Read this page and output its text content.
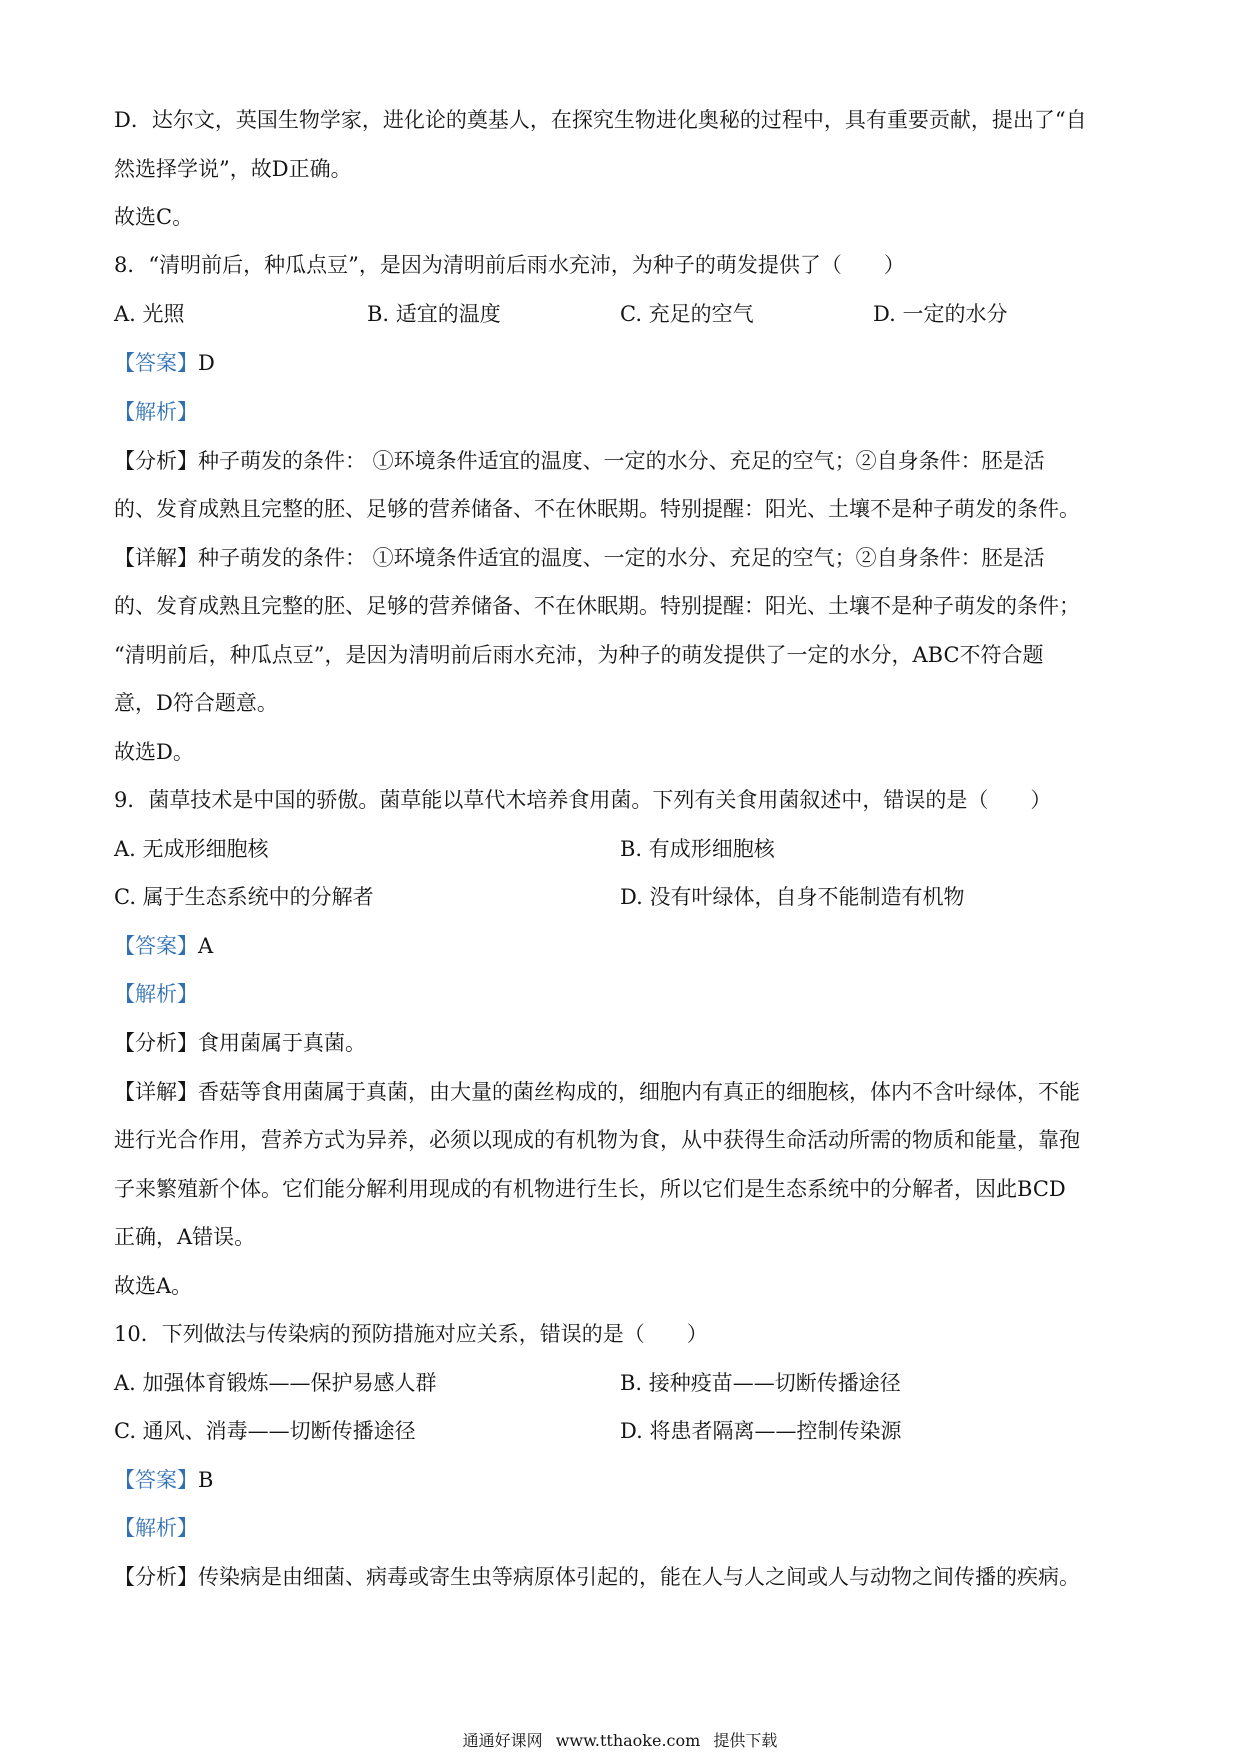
D．达尔文，英国生物学家，进化论的奠基人，在探究生物进化奥秘的过程中，具有重要贡献，提出了“自
然选择学说”，故D正确。
故选C。
8．“清明前后，种瓜点豆”，是因为清明前后雨水充沛，为种子的萌发提供了（　　）
A. 光照	B. 适宜的温度	C. 充足的空气	D. 一定的水分
【答案】D
【解析】
【分析】种子萌发的条件： ①环境条件适宜的温度、一定的水分、充足的空气；②自身条件：胚是活
的、发育成熟且完整的胚、足够的营养储备、不在休眠期。特别提醒：阳光、土壤不是种子萌发的条件。
【详解】种子萌发的条件： ①环境条件适宜的温度、一定的水分、充足的空气；②自身条件：胚是活
的、发育成熟且完整的胚、足够的营养储备、不在休眠期。特别提醒：阳光、土壤不是种子萌发的条件；
“清明前后，种瓜点豆”，是因为清明前后雨水充沛，为种子的萌发提供了一定的水分，ABC不符合题
意，D符合题意。
故选D。
9．菌草技术是中国的骄傲。菌草能以草代木培养食用菌。下列有关食用菌叙述中，错误的是（　　）
A. 无成形细胞核	B. 有成形细胞核
C. 属于生态系统中的分解者	D. 没有叶绿体，自身不能制造有机物
【答案】A
【解析】
【分析】食用菌属于真菌。
【详解】香菇等食用菌属于真菌，由大量的菌丝构成的，细胞内有真正的细胞核，体内不含叶绿体，不能
进行光合作用，营养方式为异养，必须以现成的有机物为食，从中获得生命活动所需的物质和能量，靠孢
子来繁殖新个体。它们能分解利用现成的有机物进行生长，所以它们是生态系统中的分解者，因此BCD
正确，A错误。
故选A。
10．下列做法与传染病的预防措施对应关系，错误的是（　　）
A. 加强体育锻炼——保护易感人群	B. 接种疫苗——切断传播途径
C. 通风、消毒——切断传播途径	D. 将患者隔离——控制传染源
【答案】B
【解析】
【分析】传染病是由细菌、病毒或寄生虫等病原体引起的，能在人与人之间或人与动物之间传播的疾病。
通通好课网 www.tthaoke.com 提供下载
